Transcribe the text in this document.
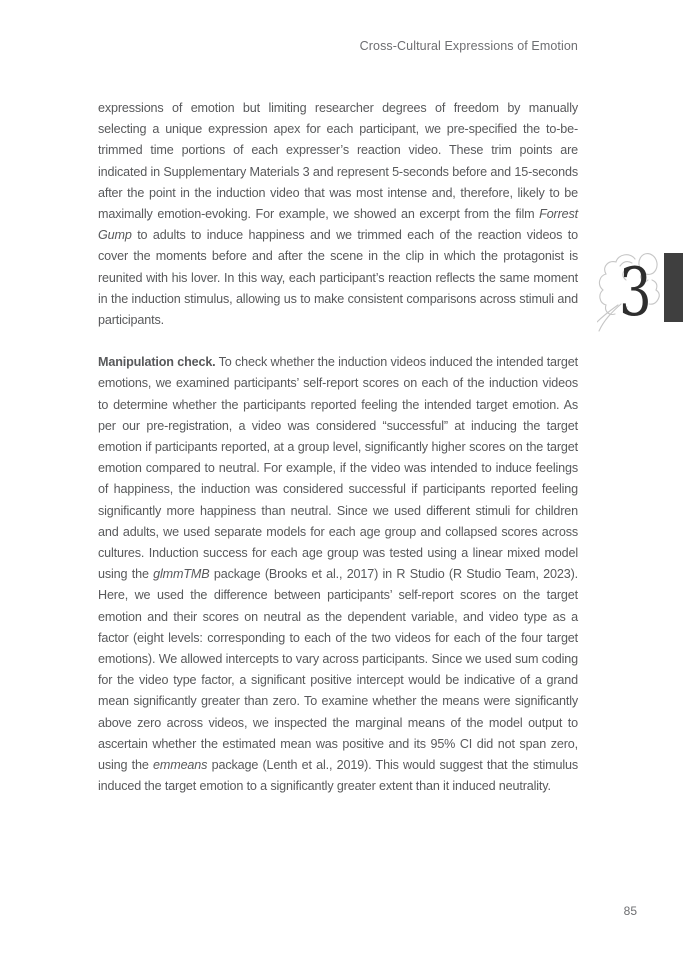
Cross-Cultural Expressions of Emotion

expressions of emotion but limiting researcher degrees of freedom by manually selecting a unique expression apex for each participant, we pre-specified the to-be-trimmed time portions of each expresser’s reaction video. These trim points are indicated in Supplementary Materials 3 and represent 5-seconds before and 15-seconds after the point in the induction video that was most intense and, therefore, likely to be maximally emotion-evoking. For example, we showed an excerpt from the film Forrest Gump to adults to induce happiness and we trimmed each of the reaction videos to cover the moments before and after the scene in the clip in which the protagonist is reunited with his lover. In this way, each participant’s reaction reflects the same moment in the induction stimulus, allowing us to make consistent comparisons across stimuli and participants.

Manipulation check. To check whether the induction videos induced the intended target emotions, we examined participants’ self-report scores on each of the induction videos to determine whether the participants reported feeling the intended target emotion. As per our pre-registration, a video was considered “successful” at inducing the target emotion if participants reported, at a group level, significantly higher scores on the target emotion compared to neutral. For example, if the video was intended to induce feelings of happiness, the induction was considered successful if participants reported feeling significantly more happiness than neutral. Since we used different stimuli for children and adults, we used separate models for each age group and collapsed scores across cultures. Induction success for each age group was tested using a linear mixed model using the glmmTMB package (Brooks et al., 2017) in R Studio (R Studio Team, 2023). Here, we used the difference between participants’ self-report scores on the target emotion and their scores on neutral as the dependent variable, and video type as a factor (eight levels: corresponding to each of the two videos for each of the four target emotions). We allowed intercepts to vary across participants. Since we used sum coding for the video type factor, a significant positive intercept would be indicative of a grand mean significantly greater than zero. To examine whether the means were significantly above zero across videos, we inspected the marginal means of the model output to ascertain whether the estimated mean was positive and its 95% CI did not span zero, using the emmeans package (Lenth et al., 2019). This would suggest that the stimulus induced the target emotion to a significantly greater extent than it induced neutrality.

3
85
